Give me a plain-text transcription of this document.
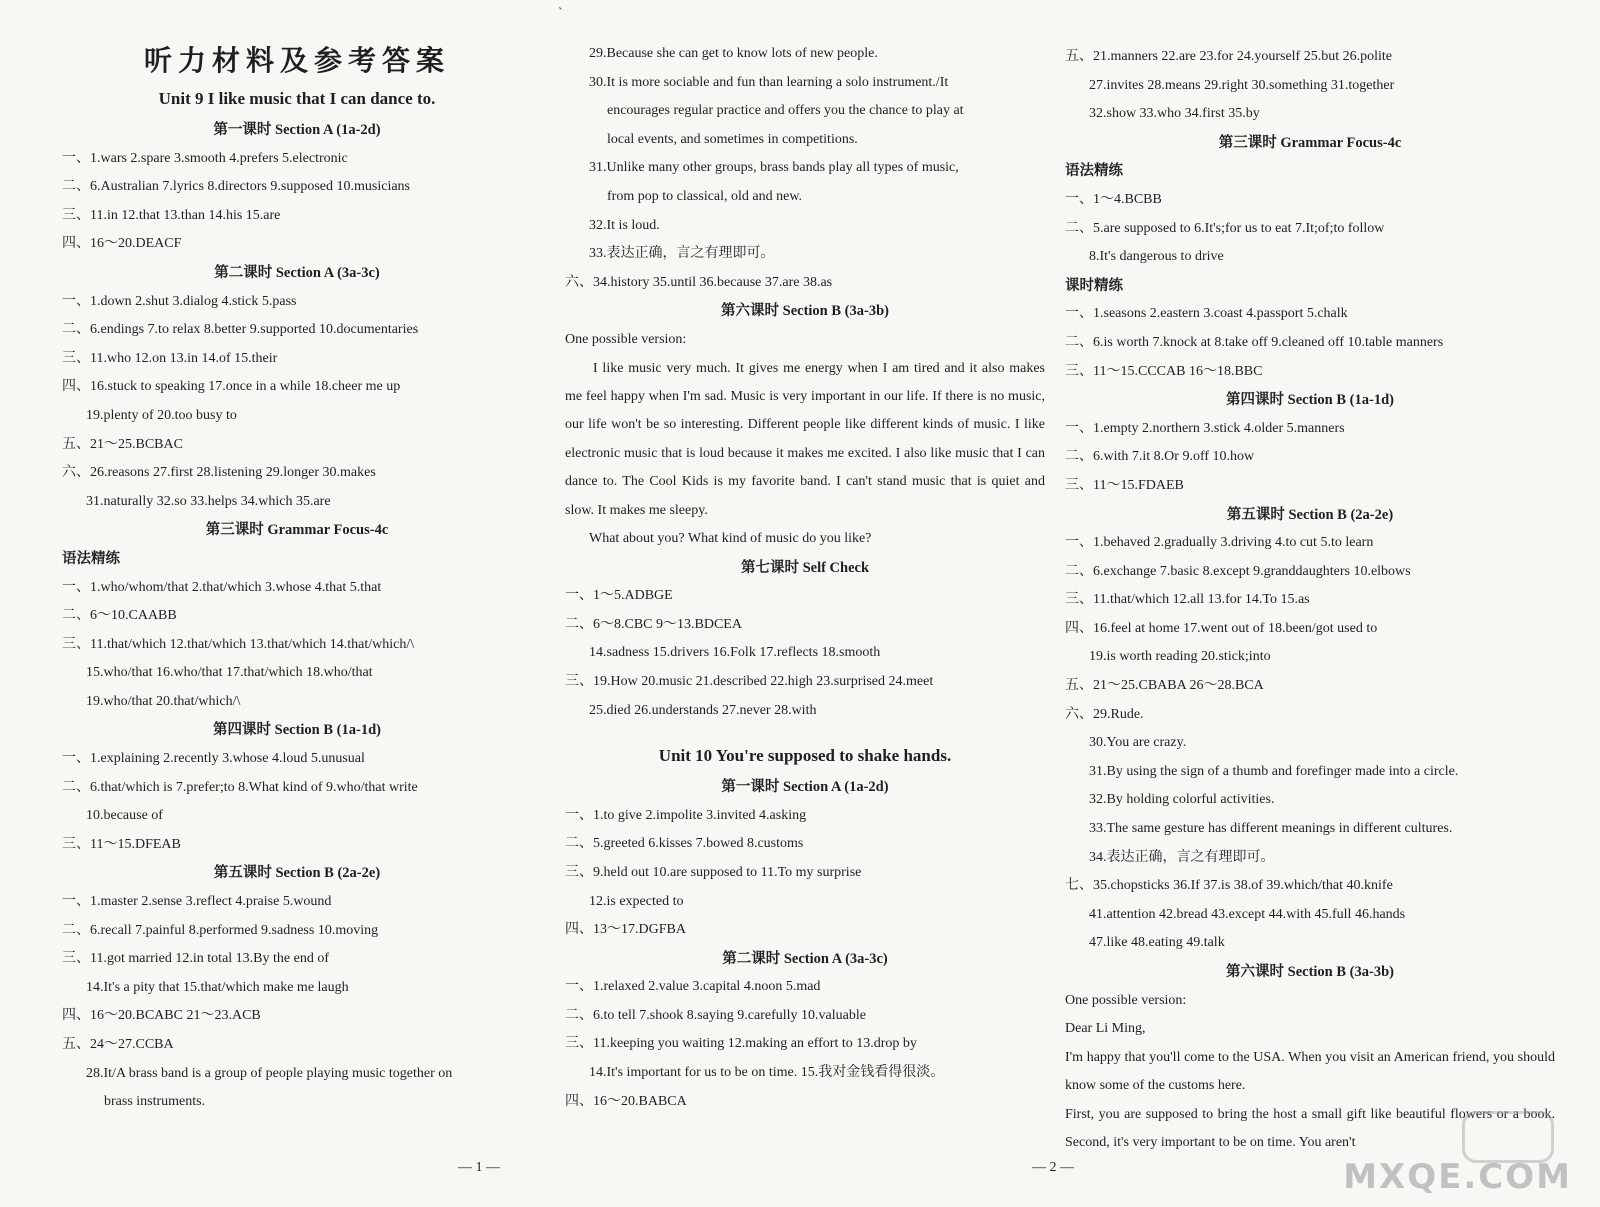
ˋ
听力材料及参考答案
Unit 9 I like music that I can dance to.
第一课时 Section A (1a-2d)
一、1.wars 2.spare 3.smooth 4.prefers 5.electronic
二、6.Australian 7.lyrics 8.directors 9.supposed 10.musicians
三、11.in 12.that 13.than 14.his 15.are
四、16～20.DEACF
第二课时 Section A (3a-3c)
一、1.down 2.shut 3.dialog 4.stick 5.pass
二、6.endings 7.to relax 8.better 9.supported 10.documentaries
三、11.who 12.on 13.in 14.of 15.their
四、16.stuck to speaking 17.once in a while 18.cheer me up
19.plenty of 20.too busy to
五、21～25.BCBAC
六、26.reasons 27.first 28.listening 29.longer 30.makes
31.naturally 32.so 33.helps 34.which 35.are
第三课时 Grammar Focus-4c
语法精练
一、1.who/whom/that 2.that/which 3.whose 4.that 5.that
二、6～10.CAABB
三、11.that/which 12.that/which 13.that/which 14.that/which/\
15.who/that 16.who/that 17.that/which 18.who/that
19.who/that 20.that/which/\
第四课时 Section B (1a-1d)
一、1.explaining 2.recently 3.whose 4.loud 5.unusual
二、6.that/which is 7.prefer;to 8.What kind of 9.who/that write
10.because of
三、11～15.DFEAB
第五课时 Section B (2a-2e)
一、1.master 2.sense 3.reflect 4.praise 5.wound
二、6.recall 7.painful 8.performed 9.sadness 10.moving
三、11.got married 12.in total 13.By the end of
14.It's a pity that 15.that/which make me laugh
四、16～20.BCABC 21～23.ACB
五、24～27.CCBA
28.It/A brass band is a group of people playing music together on
brass instruments.
29.Because she can get to know lots of new people.
30.It is more sociable and fun than learning a solo instrument./It
encourages regular practice and offers you the chance to play at
local events, and sometimes in competitions.
31.Unlike many other groups, brass bands play all types of music,
from pop to classical, old and new.
32.It is loud.
33.表达正确，言之有理即可。
六、34.history 35.until 36.because 37.are 38.as
第六课时 Section B (3a-3b)
One possible version:
I like music very much. It gives me energy when I am tired and it also makes me feel happy when I'm sad. Music is very important in our life. If there is no music, our life won't be so interesting. Different people like different kinds of music. I like electronic music that is loud because it makes me excited. I also like music that I can dance to. The Cool Kids is my favorite band. I can't stand music that is quiet and slow. It makes me sleepy.
What about you? What kind of music do you like?
第七课时 Self Check
一、1～5.ADBGE
二、6～8.CBC 9～13.BDCEA
14.sadness 15.drivers 16.Folk 17.reflects 18.smooth
三、19.How 20.music 21.described 22.high 23.surprised 24.meet
25.died 26.understands 27.never 28.with
Unit 10 You're supposed to shake hands.
第一课时 Section A (1a-2d)
一、1.to give 2.impolite 3.invited 4.asking
二、5.greeted 6.kisses 7.bowed 8.customs
三、9.held out 10.are supposed to 11.To my surprise
12.is expected to
四、13～17.DGFBA
第二课时 Section A (3a-3c)
一、1.relaxed 2.value 3.capital 4.noon 5.mad
二、6.to tell 7.shook 8.saying 9.carefully 10.valuable
三、11.keeping you waiting 12.making an effort to 13.drop by
14.It's important for us to be on time. 15.我对金钱看得很淡。
四、16～20.BABCA
五、21.manners 22.are 23.for 24.yourself 25.but 26.polite
27.invites 28.means 29.right 30.something 31.together
32.show 33.who 34.first 35.by
第三课时 Grammar Focus-4c
语法精练
一、1～4.BCBB
二、5.are supposed to 6.It's;for us to eat 7.It;of;to follow
8.It's dangerous to drive
课时精练
一、1.seasons 2.eastern 3.coast 4.passport 5.chalk
二、6.is worth 7.knock at 8.take off 9.cleaned off 10.table manners
三、11～15.CCCAB 16～18.BBC
第四课时 Section B (1a-1d)
一、1.empty 2.northern 3.stick 4.older 5.manners
二、6.with 7.it 8.Or 9.off 10.how
三、11～15.FDAEB
第五课时 Section B (2a-2e)
一、1.behaved 2.gradually 3.driving 4.to cut 5.to learn
二、6.exchange 7.basic 8.except 9.granddaughters 10.elbows
三、11.that/which 12.all 13.for 14.To 15.as
四、16.feel at home 17.went out of 18.been/got used to
19.is worth reading 20.stick;into
五、21～25.CBABA 26～28.BCA
六、29.Rude.
30.You are crazy.
31.By using the sign of a thumb and forefinger made into a circle.
32.By holding colorful activities.
33.The same gesture has different meanings in different cultures.
34.表达正确，言之有理即可。
七、35.chopsticks 36.If 37.is 38.of 39.which/that 40.knife
41.attention 42.bread 43.except 44.with 45.full 46.hands
47.like 48.eating 49.talk
第六课时 Section B (3a-3b)
One possible version:
Dear Li Ming,
I'm happy that you'll come to the USA. When you visit an American friend, you should know some of the customs here.
First, you are supposed to bring the host a small gift like beautiful flowers or a book. Second, it's very important to be on time. You aren't
— 1 —	— 2 —	MXQE.COM
